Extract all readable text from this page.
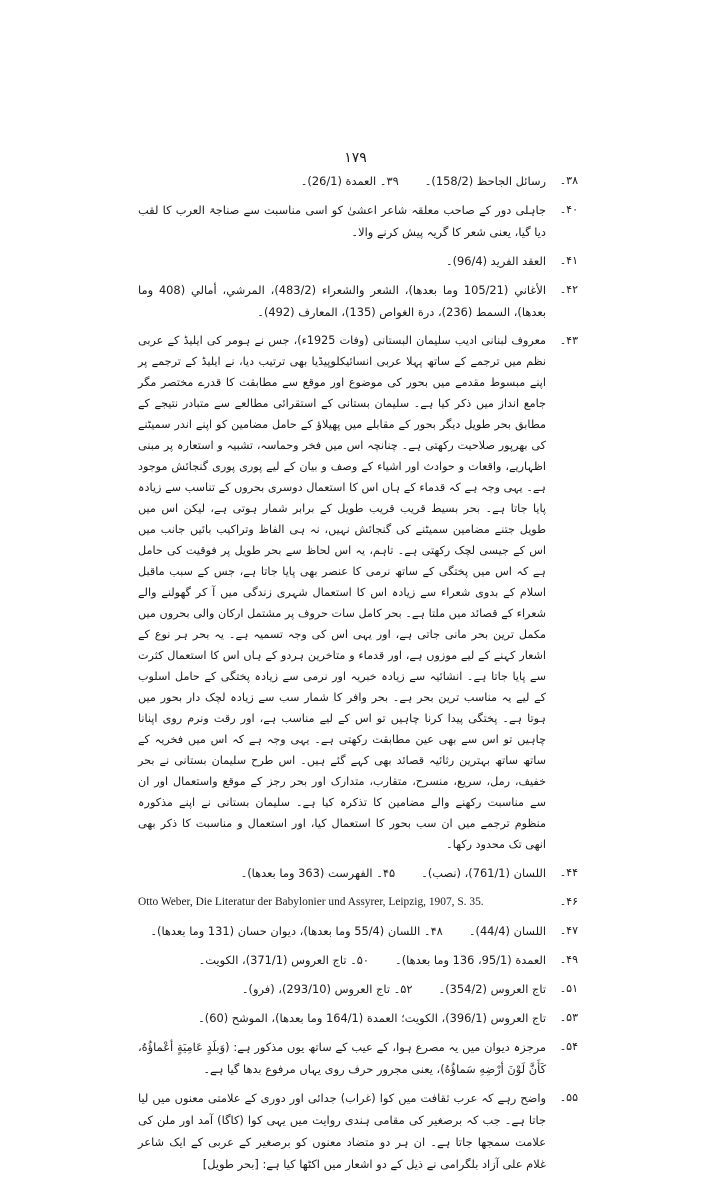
۱۷۹
۳۸۔
رسائل الجاحظ (158/2)۔
۳۹۔ العمدة (26/1)۔
۴۰۔
جاہلی دور کے صاحب معلقہ شاعر اعشیٰ کو اسی مناسبت سے صناجۃ العرب کا لقب دیا گیا، یعنی شعر کا گریہ پیش کرنے والا۔
۴۱۔
العقد الفريد (96/4)۔
۴۲۔
الأغاني (105/21 وما بعدها)، الشعر والشعراء (483/2)، المرشي، أمالي (408 وما بعدها)، السمط (236)، درة الغواص (135)، المعارف (492)۔
۴۳۔
معروف لبنانی ادیب سلیمان البستانی (وفات 1925ء)، جس نے ہومر کی ایلیڈ کے عربی نظم میں ترجمے کے ساتھ پہلا عربی انسائیکلوپیڈیا بھی ترتیب دیا، نے ایلیڈ کے ترجمے پر اپنے مبسوط مقدمے میں بحور کی موضوع اور موقع سے مطابقت کا قدرے مختصر مگر جامع انداز میں ذکر کیا ہے۔ سلیمان بستانی کے استقرائی مطالعے سے متبادر نتیجے کے مطابق بحر طویل دیگر بحور کے مقابلے میں پھیلاؤ کے حامل مضامین کو اپنے اندر سمیٹنے کی بھرپور صلاحیت رکھتی ہے۔ چنانچہ اس میں فخر وحماسہ، تشبیہ و استعارہ پر مبنی اظہاریے، واقعات و حوادث اور اشیاء کے وصف و بیان کے لیے پوری پوری گنجائش موجود ہے۔ یہی وجہ ہے کہ قدماء کے ہاں اس کا استعمال دوسری بحروں کے تناسب سے زیادہ پایا جاتا ہے۔ بحر بسیط قریب قریب طویل کے برابر شمار ہوتی ہے، لیکن اس میں طویل جتنے مضامین سمیٹنے کی گنجائش نہیں، نہ ہی الفاظ وتراکیب بائیں جانب میں اس کے جیسی لچک رکھتی ہے۔ تاہم، یہ اس لحاظ سے بحر طویل پر فوقیت کی حامل ہے کہ اس میں پختگی کے ساتھ نرمی کا عنصر بھی پایا جاتا ہے، جس کے سبب ماقبل اسلام کے بدوی شعراء سے زیادہ اس کا استعمال شہری زندگی میں آ کر گھولنے والے شعراء کے قصائد میں ملتا ہے۔ بحر کامل سات حروف پر مشتمل ارکان والی بحروں میں مکمل ترین بحر مانی جاتی ہے، اور یہی اس کی وجہ تسمیہ ہے۔ یہ بحر ہر نوع کے اشعار کہنے کے لیے موزوں ہے، اور قدماء و متاخرین ہردو کے ہاں اس کا استعمال کثرت سے پایا جاتا ہے۔ انشائیہ سے زیادہ خبریہ اور نرمی سے زیادہ پختگی کے حامل اسلوب کے لیے یہ مناسب ترین بحر ہے۔ بحر وافر کا شمار سب سے زیادہ لچک دار بحور میں ہوتا ہے۔ پختگی پیدا کرنا چاہیں تو اس کے لیے مناسب ہے، اور رقت ونرم روی اپنانا چاہیں تو اس سے بھی عین مطابقت رکھتی ہے۔ یہی وجہ ہے کہ اس میں فخریہ کے ساتھ ساتھ بہترین رثائیہ قصائد بھی کہے گئے ہیں۔ اس طرح سلیمان بستانی نے بحر خفیف، رمل، سریع، منسرح، متقارب، متدارک اور بحر رجز کے موقع واستعمال اور ان سے مناسبت رکھنے والے مضامین کا تذکرہ کیا ہے۔ سلیمان بستانی نے اپنے مذکورہ منظوم ترجمے میں ان سب بحور کا استعمال کیا، اور استعمال و مناسبت کا ذکر بھی انھی تک محدود رکھا۔
۴۴۔
اللسان (761/1)، (نصب)۔
۴۵۔ الفهرست (363 وما بعدها)۔
۴۶۔
Otto Weber, Die Literatur der Babylonier und Assyrer, Leipzig, 1907, S. 35.
۴۷۔
اللسان (44/4)۔
۴۸۔ اللسان (55/4 وما بعدها)، ديوان حسان (131 وما بعدها)۔
۴۹۔
العمدة (95/1، 136 وما بعدها)۔
۵۰۔ تاج العروس (371/1)، الكويت۔
۵۱۔
تاج العروس (354/2)۔
۵۲۔ تاج العروس (293/10)، (فرو)۔
۵۳۔
تاج العروس (396/1)، الكويت؛ العمدة (164/1 وما بعدها)، الموشح (60)۔
۵۴۔
مرجزہ دیوان میں یہ مصرع ہوا، کے عیب کے ساتھ یوں مذکور ہے: (وَبلَدٍ عَامِيَةٍ أعْماؤُهُ، كَأَنَّ لَوْنَ أرْضِهِ سَماؤُهُ)، یعنی مجرور حرف روی یہاں مرفوع بدھا گیا ہے۔
۵۵۔
واضح رہے کہ عرب ثقافت میں کوا (غراب) جدائی اور دوری کے علامتی معنوں میں لیا جاتا ہے۔ جب کہ برصغیر کی مقامی ہندی روایت میں یہی کوا (کاگا) آمد اور ملن کی علامت سمجھا جاتا ہے۔ ان ہر دو متضاد معنوں کو برصغیر کے عربی کے ایک شاعر غلام علی آزاد بلگرامی نے ذیل کے دو اشعار میں اکٹھا کیا ہے: [بحر طویل]
